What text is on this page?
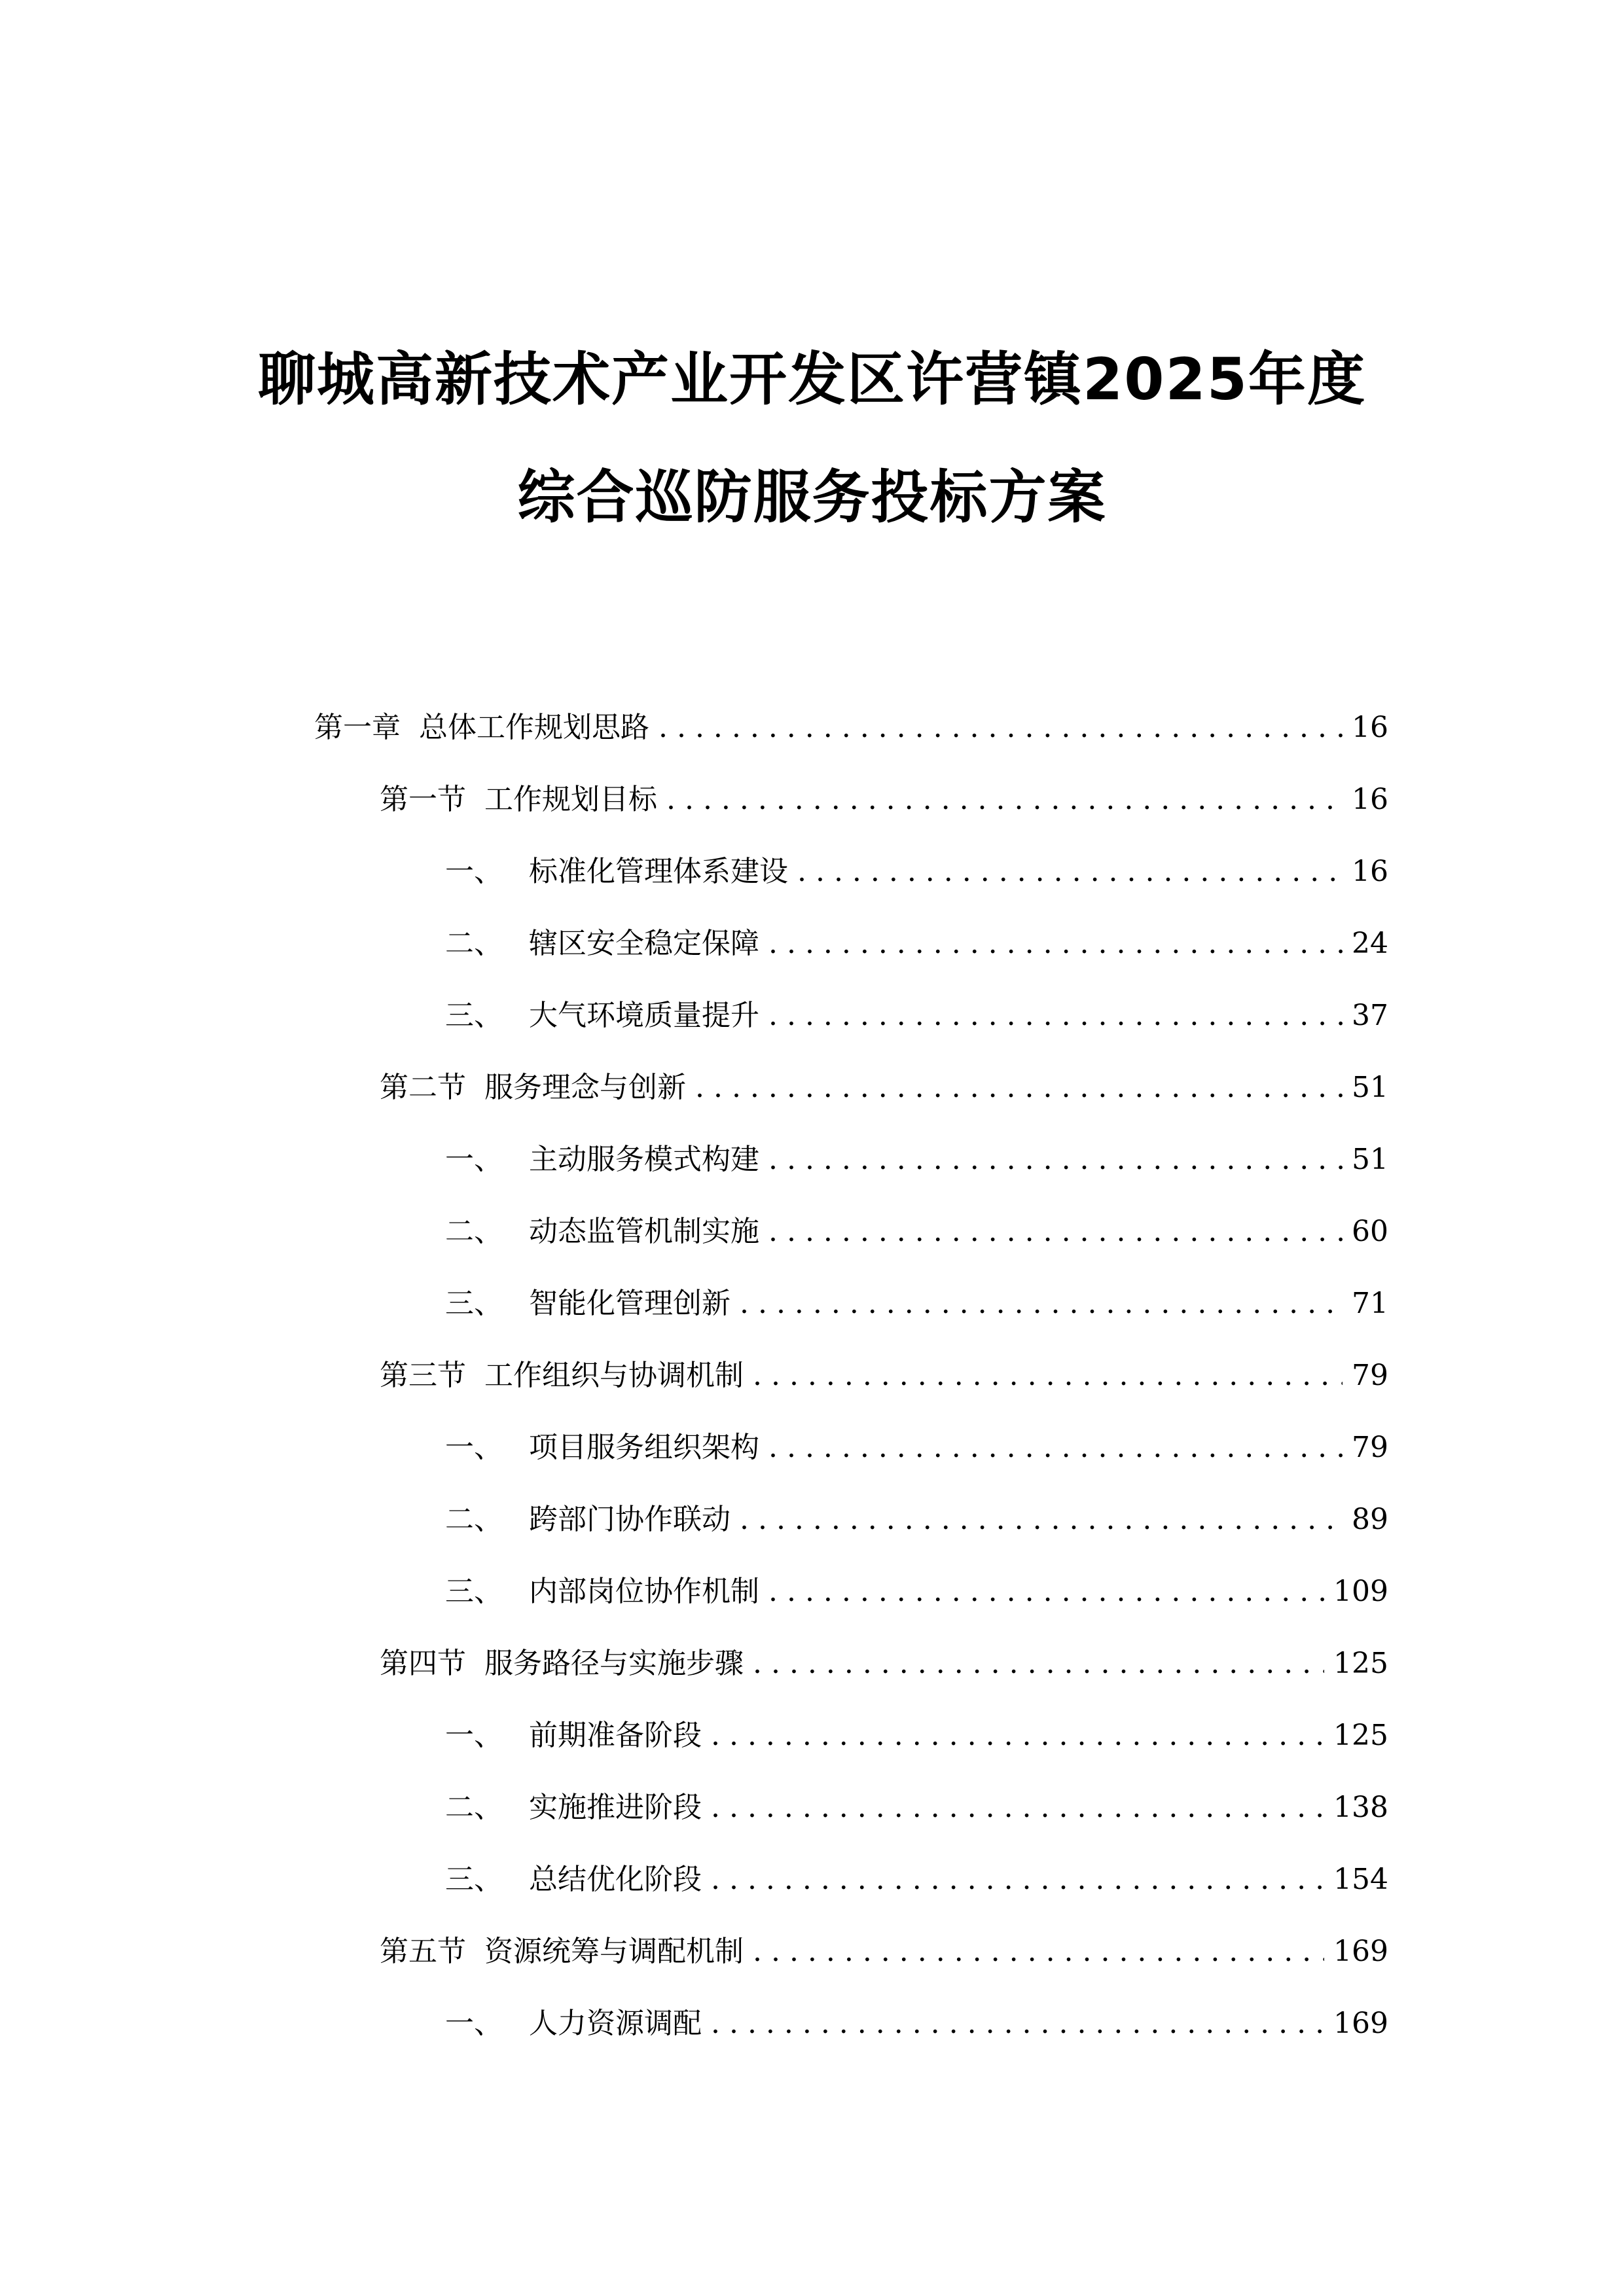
聊城高新技术产业开发区许营镇2025年度
综合巡防服务投标方案
第一章 总体工作规划思路 . . .	16
第一节 工作规划目标 . . .	16
一、 标准化管理体系建设 . . .	16
二、 辖区安全稳定保障 . . .	24
三、 大气环境质量提升 . . .	37
第二节 服务理念与创新 . . .	51
一、 主动服务模式构建 . . .	51
二、 动态监管机制实施 . . .	60
三、 智能化管理创新 . . .	71
第三节 工作组织与协调机制 . . .	79
一、 项目服务组织架构 . . .	79
二、 跨部门协作联动 . . .	89
三、 内部岗位协作机制 . . .	109
第四节 服务路径与实施步骤 . . .	125
一、 前期准备阶段 . . .	125
二、 实施推进阶段 . . .	138
三、 总结优化阶段 . . .	154
第五节 资源统筹与调配机制 . . .	169
一、 人力资源调配 . . .	169
